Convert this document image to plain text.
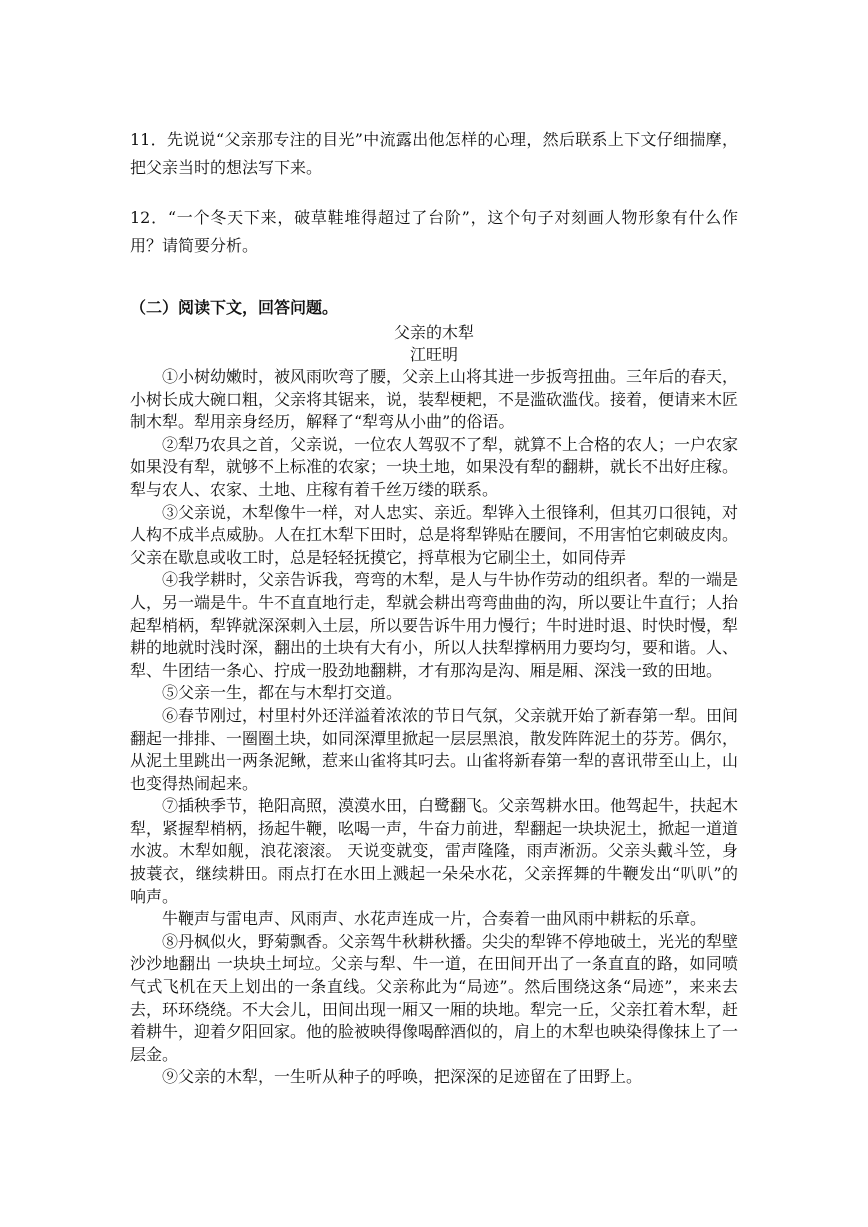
11．先说说“父亲那专注的目光”中流露出他怎样的心理，然后联系上下文仔细揣摩，把父亲当时的想法写下来。

12．“一个冬天下来，破草鞋堆得超过了台阶”，这个句子对刻画人物形象有什么作用？请简要分析。

（二）阅读下文，回答问题。

父亲的木犁

江旺明

①小树幼嫩时，被风雨吹弯了腰，父亲上山将其进一步扳弯扭曲。三年后的春天，小树长成大碗口粗，父亲将其锯来，说，装犁梗耙，不是滥砍滥伐。接着，便请来木匠制木犁。犁用亲身经历，解释了“犁弯从小曲”的俗语。

②犁乃农具之首，父亲说，一位农人驾驭不了犁，就算不上合格的农人；一户农家如果没有犁，就够不上标准的农家；一块土地，如果没有犁的翻耕，就长不出好庄稼。犁与农人、农家、土地、庄稼有着千丝万缕的联系。

③父亲说，木犁像牛一样，对人忠实、亲近。犁铧入土很锋利，但其刃口很钝，对人构不成半点威胁。人在扛木犁下田时，总是将犁铧贴在腰间，不用害怕它刺破皮肉。父亲在歇息或收工时，总是轻轻抚摸它，捋草根为它刷尘土，如同侍弄

④我学耕时，父亲告诉我，弯弯的木犁，是人与牛协作劳动的组织者。犁的一端是人，另一端是牛。牛不直直地行走，犁就会耕出弯弯曲曲的沟，所以要让牛直行；人抬起犁梢柄，犁铧就深深刺入土层，所以要告诉牛用力慢行；牛时进时退、时快时慢，犁耕的地就时浅时深，翻出的土块有大有小，所以人扶犁撑柄用力要均匀，要和谐。人、犁、牛团结一条心、拧成一股劲地翻耕，才有那沟是沟、厢是厢、深浅一致的田地。

⑤父亲一生，都在与木犁打交道。

⑥春节刚过，村里村外还洋溢着浓浓的节日气氛，父亲就开始了新春第一犁。田间翻起一排排、一圈圈土块，如同深潭里掀起一层层黑浪，散发阵阵泥土的芬芳。偶尔，从泥土里跳出一两条泥鳅，惹来山雀将其叼去。山雀将新春第一犁的喜讯带至山上，山也变得热闹起来。

⑦插秧季节，艳阳高照，漠漠水田，白鹭翻飞。父亲驾耕水田。他驾起牛，扶起木犁，紧握犁梢柄，扬起牛鞭，吆喝一声，牛奋力前进，犁翻起一块块泥土，掀起一道道水波。木犁如舰，浪花滚滚。 天说变就变，雷声隆隆，雨声淅沥。父亲头戴斗笠，身披蓑衣，继续耕田。雨点打在水田上溅起一朵朵水花，父亲挥舞的牛鞭发出“叭叭”的响声。

牛鞭声与雷电声、风雨声、水花声连成一片，合奏着一曲风雨中耕耘的乐章。

⑧丹枫似火，野菊飘香。父亲驾牛秋耕秋播。尖尖的犁铧不停地破土，光光的犁壁沙沙地翻出 一块块土坷垃。父亲与犁、牛一道，在田间开出了一条直直的路，如同喷气式飞机在天上划出的一条直线。父亲称此为“局迹”。然后围绕这条“局迹”，来来去去，环环绕绕。不大会儿，田间出现一厢又一厢的块地。犁完一丘，父亲扛着木犁，赶着耕牛，迎着夕阳回家。他的脸被映得像喝醉酒似的，肩上的木犁也映染得像抹上了一层金。

⑨父亲的木犁，一生听从种子的呼唤，把深深的足迹留在了田野上。
